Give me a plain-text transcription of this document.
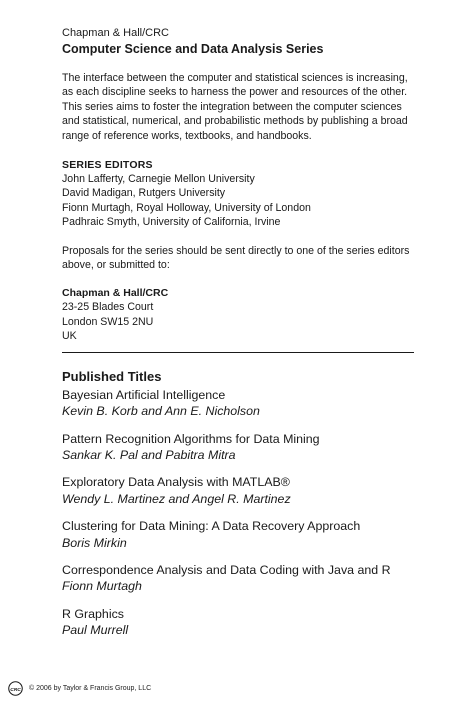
Chapman & Hall/CRC

Computer Science and Data Analysis Series

The interface between the computer and statistical sciences is increasing, as each discipline seeks to harness the power and resources of the other. This series aims to foster the integration between the computer sciences and statistical, numerical, and probabilistic methods by publishing a broad range of reference works, textbooks, and handbooks.

SERIES EDITORS
John Lafferty, Carnegie Mellon University
David Madigan, Rutgers University
Fionn Murtagh, Royal Holloway, University of London
Padhraic Smyth, University of California, Irvine

Proposals for the series should be sent directly to one of the series editors above, or submitted to:

Chapman & Hall/CRC
23-25 Blades Court
London SW15 2NU
UK
Published Titles
Bayesian Artificial Intelligence
Kevin B. Korb and Ann E. Nicholson
Pattern Recognition Algorithms for Data Mining
Sankar K. Pal and Pabitra Mitra
Exploratory Data Analysis with MATLAB®
Wendy L. Martinez and Angel R. Martinez
Clustering for Data Mining: A Data Recovery Approach
Boris Mirkin
Correspondence Analysis and Data Coding with Java and R
Fionn Murtagh
R Graphics
Paul Murrell
CRC © 2006 by Taylor & Francis Group, LLC
